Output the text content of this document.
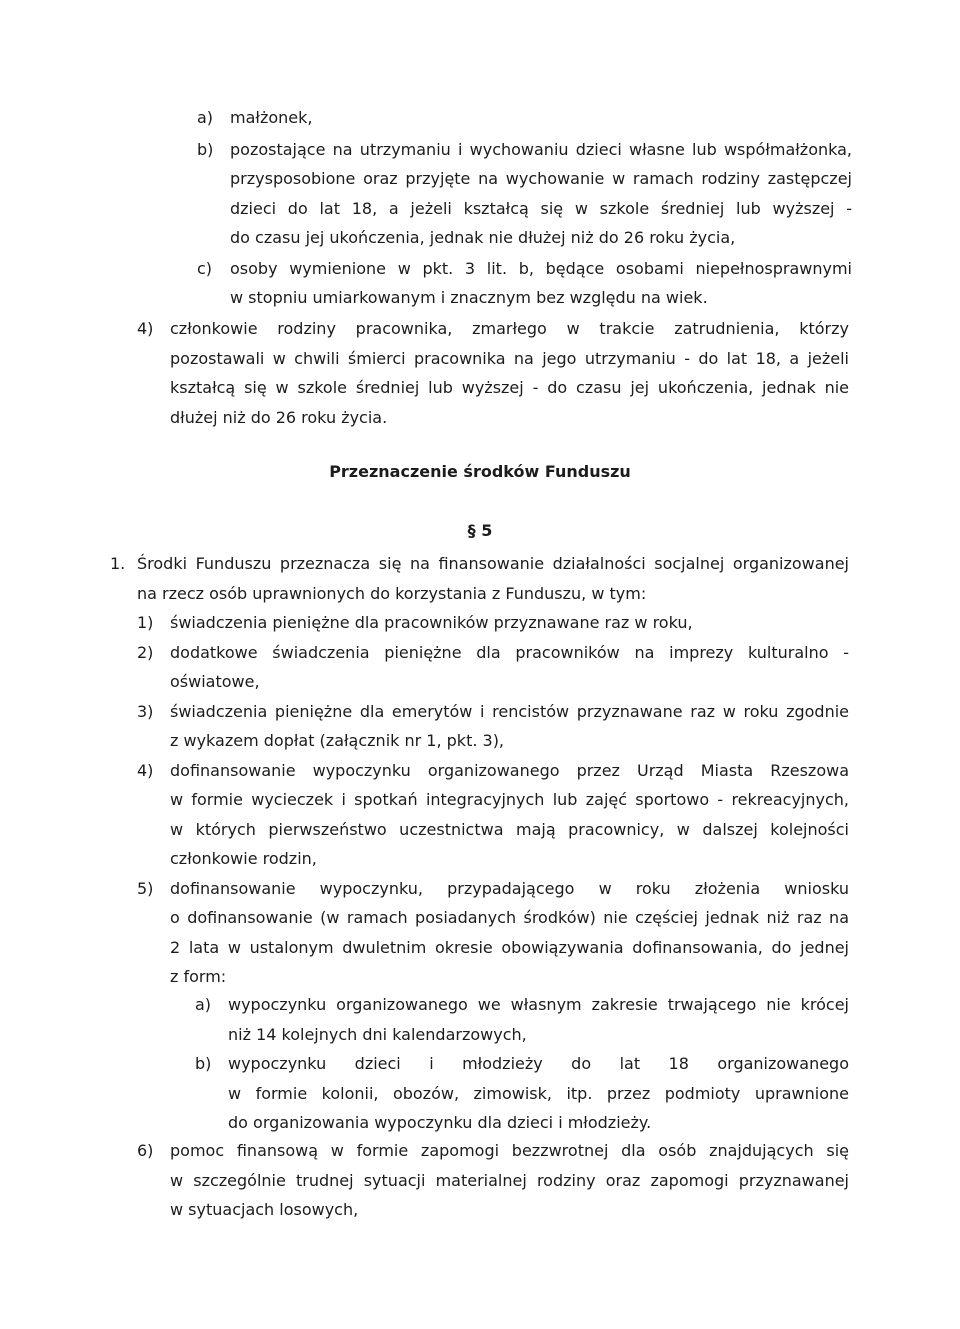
a) małżonek,
b) pozostające na utrzymaniu i wychowaniu dzieci własne lub współmałżonka,
przysposobione oraz przyjęte na wychowanie w ramach rodziny zastępczej
dzieci do lat 18, a jeżeli kształcą się w szkole średniej lub wyższej -
do czasu jej ukończenia, jednak nie dłużej niż do 26 roku życia,
c) osoby wymienione w pkt. 3 lit. b, będące osobami niepełnosprawnymi
w stopniu umiarkowanym i znacznym bez względu na wiek.
4) członkowie rodziny pracownika, zmarłego w trakcie zatrudnienia, którzy
pozostawali w chwili śmierci pracownika na jego utrzymaniu - do lat 18, a jeżeli
kształcą się w szkole średniej lub wyższej - do czasu jej ukończenia, jednak nie
dłużej niż do 26 roku życia.
Przeznaczenie środków Funduszu
§ 5
1. Środki Funduszu przeznacza się na finansowanie działalności socjalnej organizowanej
na rzecz osób uprawnionych do korzystania z Funduszu, w tym:
1) świadczenia pieniężne dla pracowników przyznawane raz w roku,
2) dodatkowe świadczenia pieniężne dla pracowników na imprezy kulturalno -
oświatowe,
3) świadczenia pieniężne dla emerytów i rencistów przyznawane raz w roku zgodnie
z wykazem dopłat (załącznik nr 1, pkt. 3),
4) dofinansowanie wypoczynku organizowanego przez Urząd Miasta Rzeszowa
w formie wycieczek i spotkań integracyjnych lub zajęć sportowo - rekreacyjnych,
w których pierwszeństwo uczestnictwa mają pracownicy, w dalszej kolejności
członkowie rodzin,
5) dofinansowanie wypoczynku, przypadającego w roku złożenia wniosku
o dofinansowanie (w ramach posiadanych środków) nie częściej jednak niż raz na
2 lata w ustalonym dwuletnim okresie obowiązywania dofinansowania, do jednej
z form:
a) wypoczynku organizowanego we własnym zakresie trwającego nie krócej
niż 14 kolejnych dni kalendarzowych,
b) wypoczynku dzieci i młodzieży do lat 18 organizowanego
w formie kolonii, obozów, zimowisk, itp. przez podmioty uprawnione
do organizowania wypoczynku dla dzieci i młodzieży.
6) pomoc finansową w formie zapomogi bezzwrotnej dla osób znajdujących się
w szczególnie trudnej sytuacji materialnej rodziny oraz zapomogi przyznawanej
w sytuacjach losowych,
